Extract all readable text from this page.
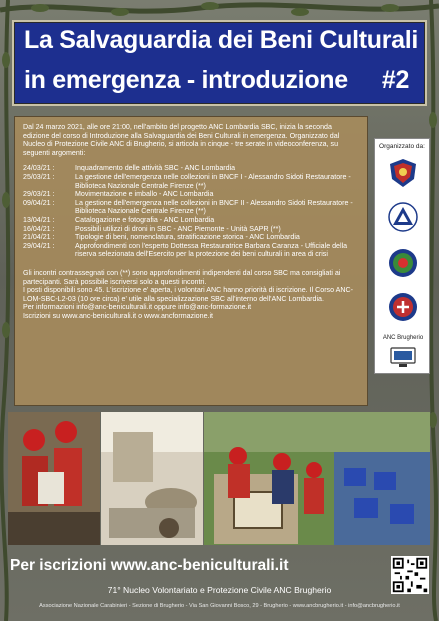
La Salvaguardia dei Beni Culturali
in emergenza - introduzione #2
Dal 24 marzo 2021, alle ore 21:00, nell'ambito del progetto ANC Lombardia SBC, inizia la seconda edizione del corso di Introduzione alla Salvaguardia dei Beni Culturali in emergenza. Organizzato dal Nucleo di Protezione Civile ANC di Brugherio, si articola in cinque - tre serate in videoconferenza, su seguenti argomenti:
24/03/21 :	Inquadramento delle attività SBC - ANC Lombardia
25/03/21 :	La gestione dell'emergenza nelle collezioni in BNCF I - Alessandro Sidoti Restauratore - Biblioteca Nazionale Centrale Firenze (**)
29/03/21 :	Movimentazione e imballo - ANC Lombardia
09/04/21 :	La gestione dell'emergenza nelle collezioni in BNCF II - Alessandro Sidoti Restauratore - Biblioteca Nazionale Centrale Firenze (**)
13/04/21 :	Catalogazione e fotografia - ANC Lombardia
16/04/21 :	Possibili utilizzi di droni in SBC - ANC Piemonte - Unità SAPR (**)
21/04/21 :	Tipologie di beni, nomenclatura, stratificazione storica - ANC Lombardia
29/04/21 :	Approfondimenti con l'esperto Dottessa Restauratrice Barbara Caranza - Ufficiale della riserva selezionata dell'Esercito per la protezione dei beni culturali in area di crisi
Gli incontri contrassegnati con (**) sono approfondimenti indipendenti dal corso SBC ma consigliati ai partecipanti. Sarà possibile iscriversi solo a questi incontri.
I posti disponibili sono 45. L'iscrizione e' aperta, i volontari ANC hanno priorità di iscrizione. Il Corso ANC-LOM-SBC-L2-03 (10 ore circa) e' utile alla specializzazione SBC all'interno dell'ANC Lombardia.
Per informazioni info@anc-beniculturali.it oppure info@anc-formazione.it
Iscrizioni su www.anc-beniculturali.it o www.ancformazione.it
Organizzato da:
ANC Brugherio
Per iscrizioni www.anc-beniculturali.it
71° Nucleo Volontariato e Protezione Civile ANC Brugherio
Associazione Nazionale Carabinieri - Sezione di Brugherio - Via San Giovanni Bosco, 29 - Brugherio - www.ancbrugherio.it - info@ancbrugherio.it
